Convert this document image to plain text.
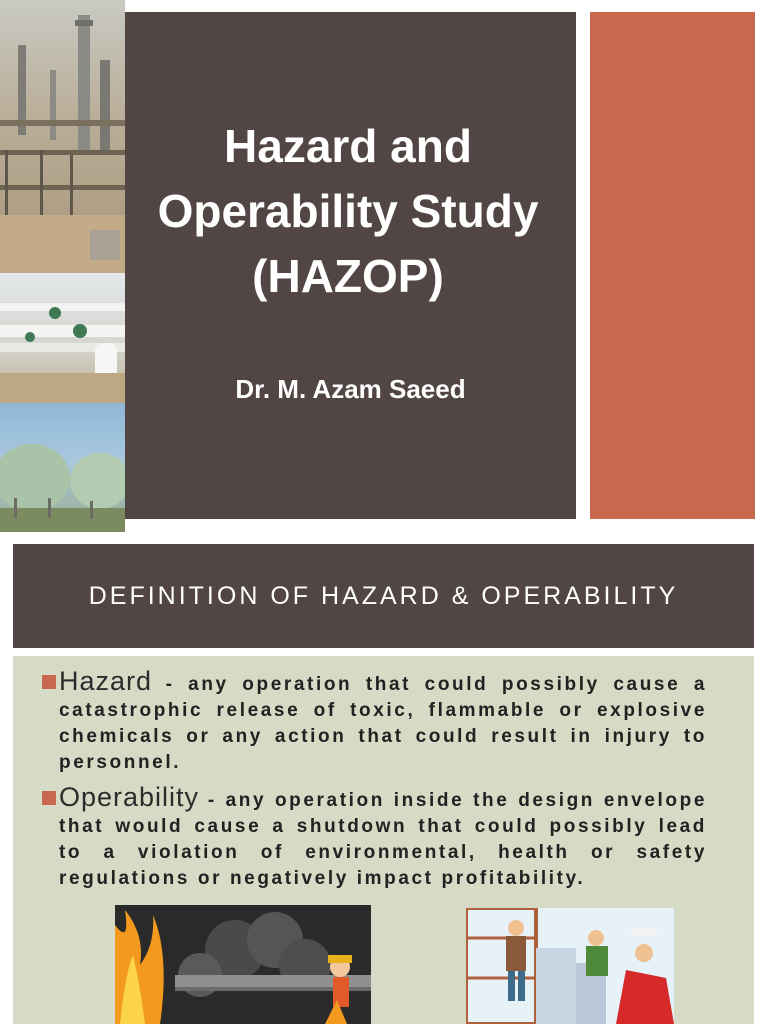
Hazard and
Operability Study
(HAZOP)
Dr. M. Azam Saeed
DEFINITION OF HAZARD & OPERABILITY
Hazard - any operation that could possibly cause a catastrophic release of toxic, flammable or explosive chemicals or any action that could result in injury to personnel.
Operability - any operation inside the design envelope that would cause a shutdown that could possibly lead to a violation of environmental, health or safety regulations or negatively impact profitability.
